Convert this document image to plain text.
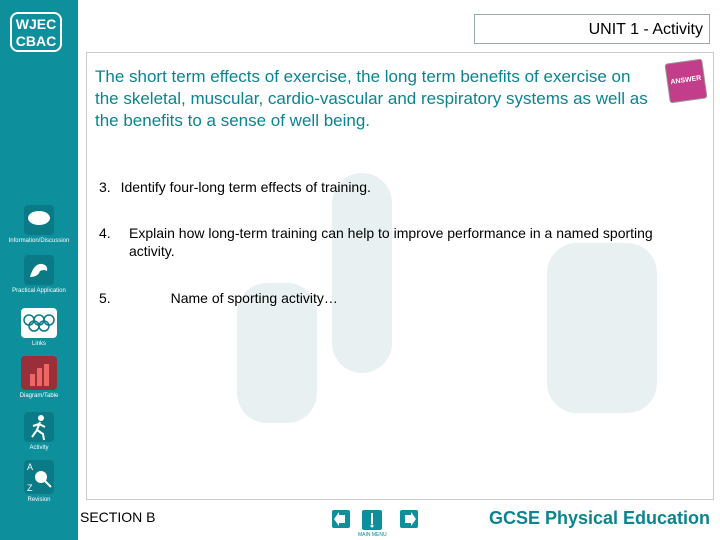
WJEC
CBAC
Information/Discussion
Practical Application
Links
Diagram/Table
Activity
A
Z
Revision
UNIT 1 - Activity
The short term effects of exercise, the long term benefits of exercise on the skeletal, muscular, cardio-vascular and respiratory systems as well as the benefits to a sense of well being.
ANSWER
3. Identify four-long term effects of training.
4. Explain how long-term training can help to improve performance in a named sporting activity.
5.	Name of sporting activity…
SECTION B
MAIN MENU
GCSE Physical Education
